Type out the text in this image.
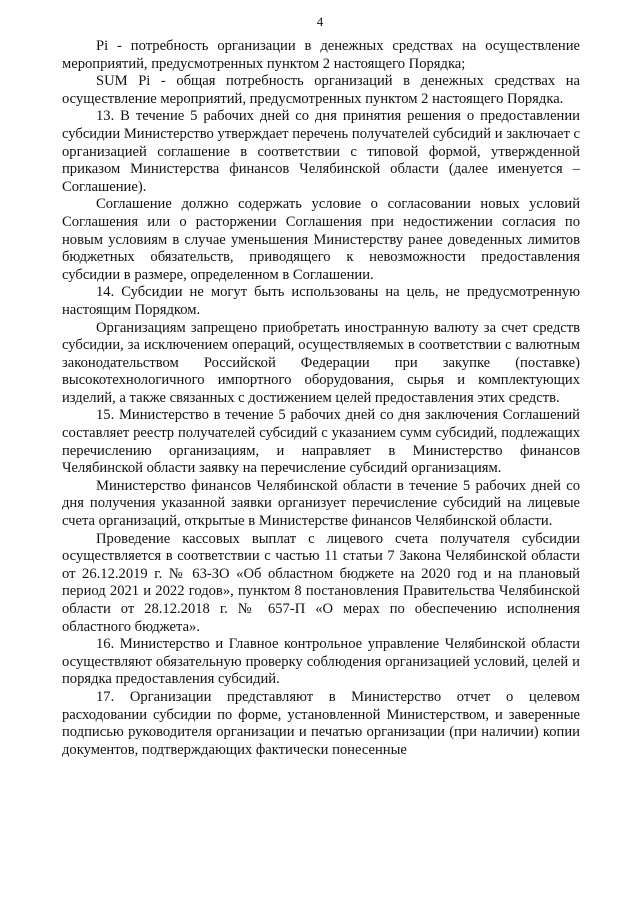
4

Pi - потребность организации в денежных средствах на осуществление мероприятий, предусмотренных пунктом 2 настоящего Порядка;

SUM Pi - общая потребность организаций в денежных средствах на осуществление мероприятий, предусмотренных пунктом 2 настоящего Порядка.

13. В течение 5 рабочих дней со дня принятия решения о предоставлении субсидии Министерство утверждает перечень получателей субсидий и заключает с организацией соглашение в соответствии с типовой формой, утвержденной приказом Министерства финансов Челябинской области (далее именуется – Соглашение).

Соглашение должно содержать условие о согласовании новых условий Соглашения или о расторжении Соглашения при недостижении согласия по новым условиям в случае уменьшения Министерству ранее доведенных лимитов бюджетных обязательств, приводящего к невозможности предоставления субсидии в размере, определенном в Соглашении.

14. Субсидии не могут быть использованы на цель, не предусмотренную настоящим Порядком.

Организациям запрещено приобретать иностранную валюту за счет средств субсидии, за исключением операций, осуществляемых в соответствии с валютным законодательством Российской Федерации при закупке (поставке) высокотехнологичного импортного оборудования, сырья и комплектующих изделий, а также связанных с достижением целей предоставления этих средств.

15. Министерство в течение 5 рабочих дней со дня заключения Соглашений составляет реестр получателей субсидий с указанием сумм субсидий, подлежащих перечислению организациям, и направляет в Министерство финансов Челябинской области заявку на перечисление субсидий организациям.

Министерство финансов Челябинской области в течение 5 рабочих дней со дня получения указанной заявки организует перечисление субсидий на лицевые счета организаций, открытые в Министерстве финансов Челябинской области.

Проведение кассовых выплат с лицевого счета получателя субсидии осуществляется в соответствии с частью 11 статьи 7 Закона Челябинской области от 26.12.2019 г. № 63-ЗО «Об областном бюджете на 2020 год и на плановый период 2021 и 2022 годов», пунктом 8 постановления Правительства Челябинской области от 28.12.2018 г. № 657-П «О мерах по обеспечению исполнения областного бюджета».

16. Министерство и Главное контрольное управление Челябинской области осуществляют обязательную проверку соблюдения организацией условий, целей и порядка предоставления субсидий.

17. Организации представляют в Министерство отчет о целевом расходовании субсидии по форме, установленной Министерством, и заверенные подписью руководителя организации и печатью организации (при наличии) копии документов, подтверждающих фактически понесенные
